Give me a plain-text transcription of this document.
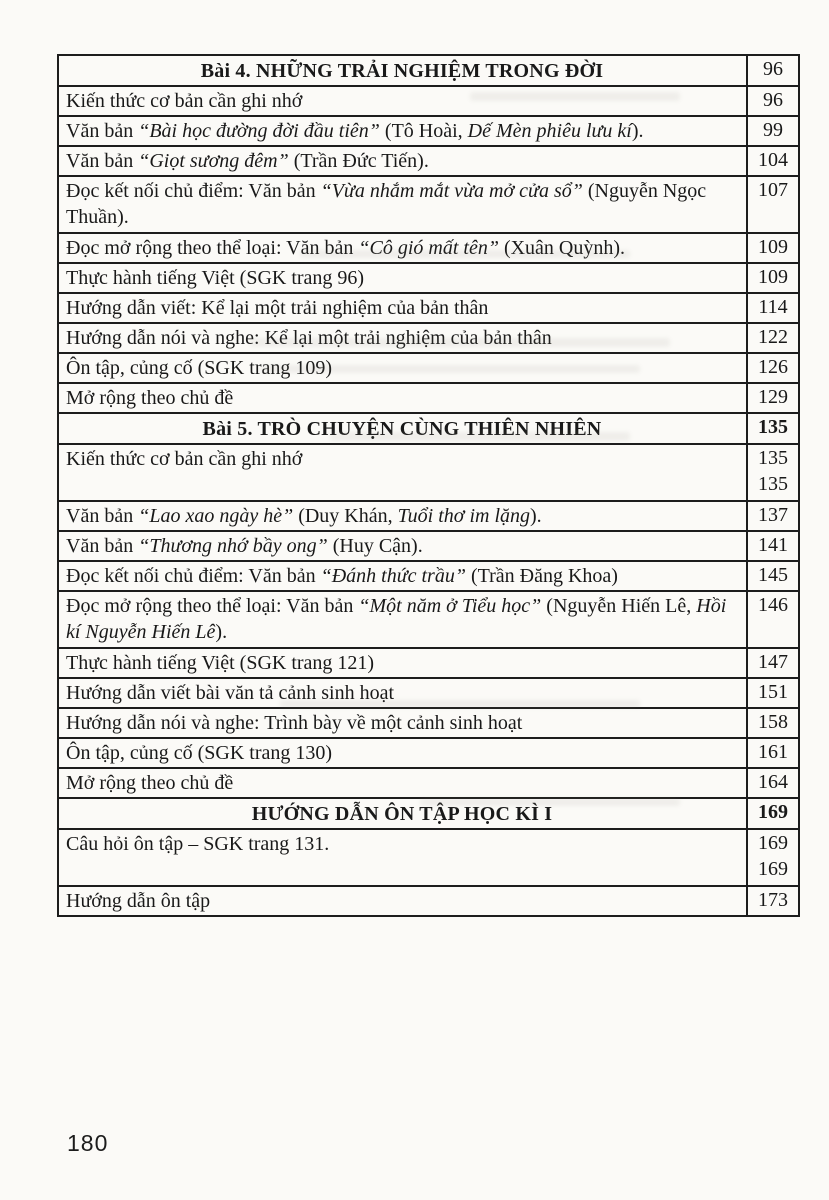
Bài 4. NHỮNG TRẢI NGHIỆM TRONG ĐỜI	96

Kiến thức cơ bản cần ghi nhớ	96

Văn bản “Bài học đường đời đầu tiên” (Tô Hoài, Dế Mèn phiêu lưu kí).	99

Văn bản “Giọt sương đêm” (Trần Đức Tiến).	104

Đọc kết nối chủ điểm: Văn bản “Vừa nhắm mắt vừa mở cửa sổ” (Nguyễn Ngọc Thuần).	107

Đọc mở rộng theo thể loại: Văn bản “Cô gió mất tên” (Xuân Quỳnh).	109

Thực hành tiếng Việt (SGK trang 96)	109

Hướng dẫn viết: Kể lại một trải nghiệm của bản thân	114

Hướng dẫn nói và nghe: Kể lại một trải nghiệm của bản thân	122

Ôn tập, củng cố (SGK trang 109)	126

Mở rộng theo chủ đề	129

Bài 5. TRÒ CHUYỆN CÙNG THIÊN NHIÊN	135

Kiến thức cơ bản cần ghi nhớ	135
135

Văn bản “Lao xao ngày hè” (Duy Khán, Tuổi thơ im lặng).	137

Văn bản “Thương nhớ bầy ong” (Huy Cận).	141

Đọc kết nối chủ điểm: Văn bản “Đánh thức trầu” (Trần Đăng Khoa)	145

Đọc mở rộng theo thể loại: Văn bản “Một năm ở Tiểu học” (Nguyễn Hiến Lê, Hồi kí Nguyễn Hiến Lê).	146

Thực hành tiếng Việt (SGK trang 121)	147

Hướng dẫn viết bài văn tả cảnh sinh hoạt	151

Hướng dẫn nói và nghe: Trình bày về một cảnh sinh hoạt	158

Ôn tập, củng cố (SGK trang 130)	161

Mở rộng theo chủ đề	164

HƯỚNG DẪN ÔN TẬP HỌC KÌ I	169

Câu hỏi ôn tập – SGK trang 131.	169
169

Hướng dẫn ôn tập	173
180
